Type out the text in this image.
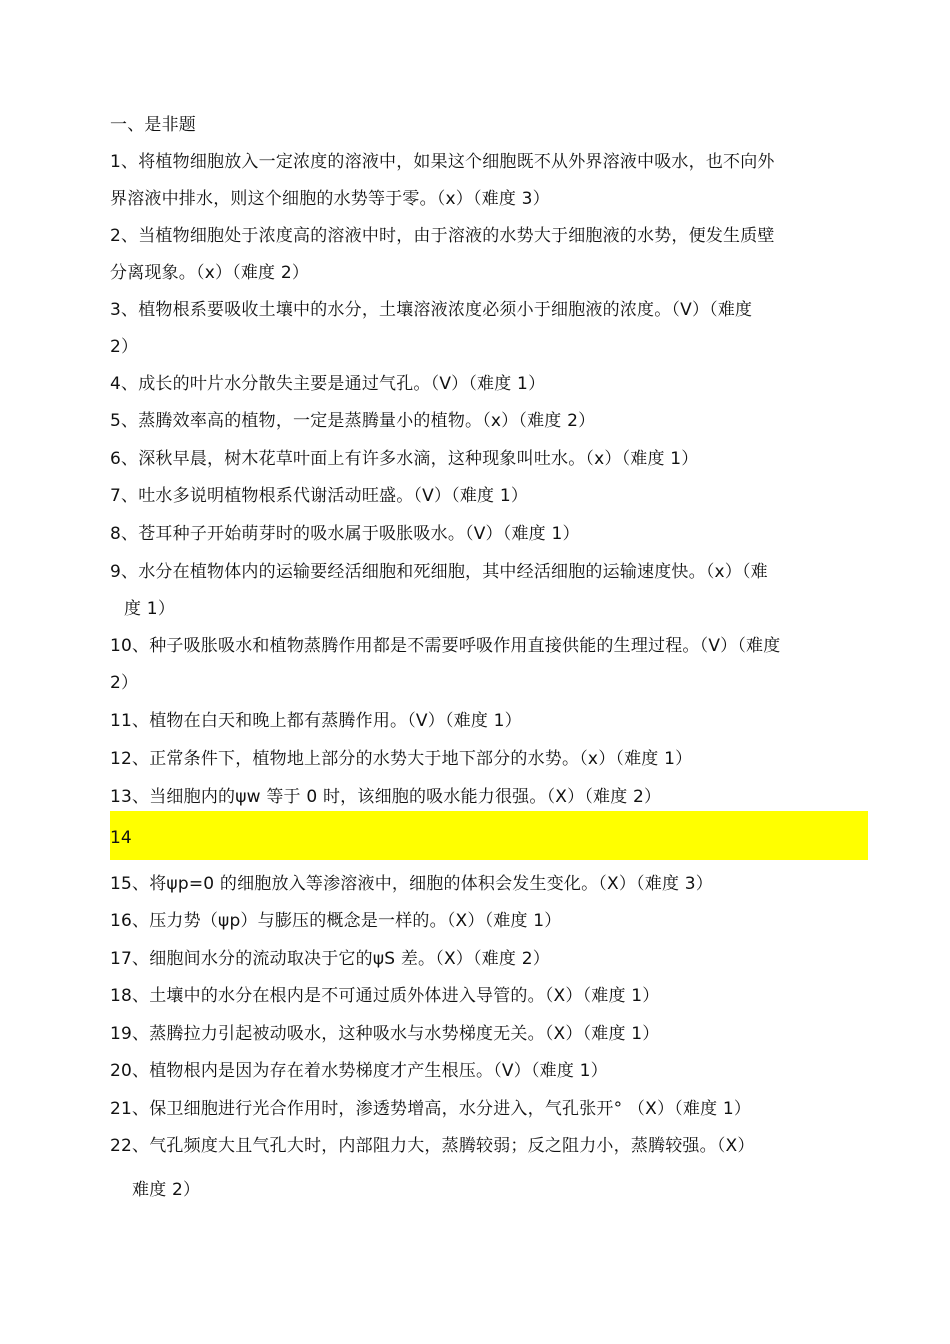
一、是非题
1、将植物细胞放入一定浓度的溶液中，如果这个细胞既不从外界溶液中吸水，也不向外
界溶液中排水，则这个细胞的水势等于零。（x）（难度 3）
2、当植物细胞处于浓度高的溶液中时，由于溶液的水势大于细胞液的水势，便发生质壁
分离现象。（x）（难度 2）
3、植物根系要吸收土壤中的水分，土壤溶液浓度必须小于细胞液的浓度。（V）（难度
2）
4、成长的叶片水分散失主要是通过气孔。（V）（难度 1）
5、蒸腾效率高的植物，一定是蒸腾量小的植物。（x）（难度 2）
6、深秋早晨，树木花草叶面上有许多水滴，这种现象叫吐水。（x）（难度 1）
7、吐水多说明植物根系代谢活动旺盛。（V）（难度 1）
8、苍耳种子开始萌芽时的吸水属于吸胀吸水。（V）（难度 1）
9、水分在植物体内的运输要经活细胞和死细胞，其中经活细胞的运输速度快。（x）（难
度 1）
10、种子吸胀吸水和植物蒸腾作用都是不需要呼吸作用直接供能的生理过程。（V）（难度
2）
11、植物在白天和晚上都有蒸腾作用。（V）（难度 1）
12、正常条件下，植物地上部分的水势大于地下部分的水势。（x）（难度 1）
13、当细胞内的ψw 等于 0 时，该细胞的吸水能力很强。（X）（难度 2）
14
15、将ψp=0 的细胞放入等渗溶液中，细胞的体积会发生变化。（X）（难度 3）
16、压力势（ψp）与膨压的概念是一样的。（X）（难度 1）
17、细胞间水分的流动取决于它的ψS 差。（X）（难度 2）
18、土壤中的水分在根内是不可通过质外体进入导管的。（X）（难度 1）
19、蒸腾拉力引起被动吸水，这种吸水与水势梯度无关。（X）（难度 1）
20、植物根内是因为存在着水势梯度才产生根压。（V）（难度 1）
21、保卫细胞进行光合作用时，渗透势增高，水分进入，气孔张开° （X）（难度 1）
22、气孔频度大且气孔大时，内部阻力大，蒸腾较弱；反之阻力小，蒸腾较强。（X）
难度 2）
